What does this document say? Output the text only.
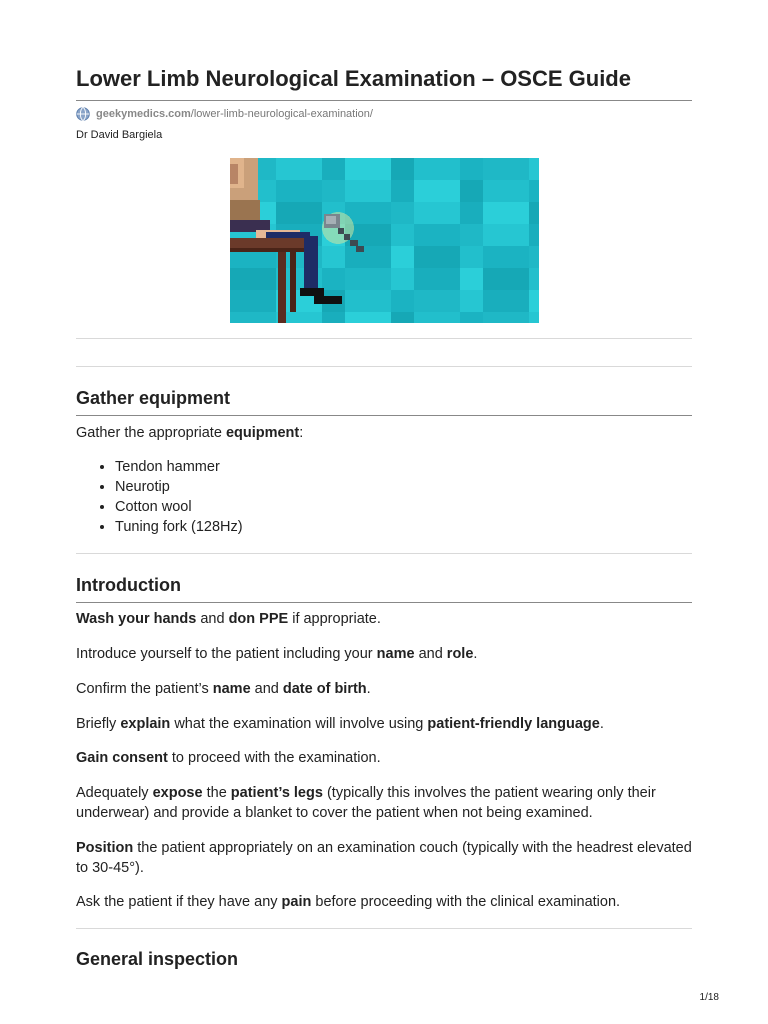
Lower Limb Neurological Examination – OSCE Guide
geekymedics.com /lower-limb-neurological-examination/
Dr David Bargiela
Gather equipment

Gather the appropriate equipment:

• Tendon hammer
• Neurotip
• Cotton wool
• Tuning fork (128Hz)
Introduction

Wash your hands and don PPE if appropriate.

Introduce yourself to the patient including your name and role.

Confirm the patient’s name and date of birth.

Briefly explain what the examination will involve using patient-friendly language.

Gain consent to proceed with the examination.

Adequately expose the patient’s legs (typically this involves the patient wearing only their underwear) and provide a blanket to cover the patient when not being examined.

Position the patient appropriately on an examination couch (typically with the headrest elevated to 30-45°).

Ask the patient if they have any pain before proceeding with the clinical examination.

General inspection
1/18
